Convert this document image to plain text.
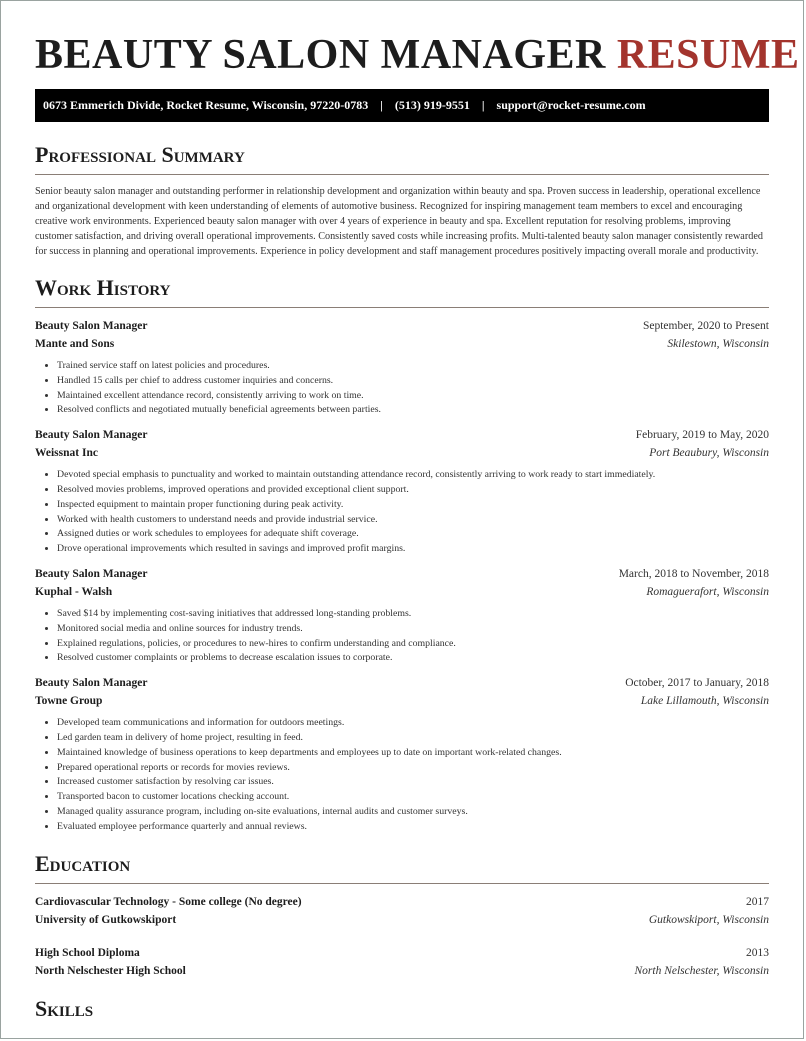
BEAUTY SALON MANAGER RESUME
0673 Emmerich Divide, Rocket Resume, Wisconsin, 97220-0783 | (513) 919-9551 | support@rocket-resume.com
Professional Summary
Senior beauty salon manager and outstanding performer in relationship development and organization within beauty and spa. Proven success in leadership, operational excellence and organizational development with keen understanding of elements of automotive business. Recognized for inspiring management team members to excel and encouraging creative work environments. Experienced beauty salon manager with over 4 years of experience in beauty and spa. Excellent reputation for resolving problems, improving customer satisfaction, and driving overall operational improvements. Consistently saved costs while increasing profits. Multi-talented beauty salon manager consistently rewarded for success in planning and operational improvements. Experience in policy development and staff management procedures positively impacting overall morale and productivity.
Work History
Beauty Salon Manager	September, 2020 to Present
Mante and Sons	Skilestown, Wisconsin
• Trained service staff on latest policies and procedures.
• Handled 15 calls per chief to address customer inquiries and concerns.
• Maintained excellent attendance record, consistently arriving to work on time.
• Resolved conflicts and negotiated mutually beneficial agreements between parties.
Beauty Salon Manager	February, 2019 to May, 2020
Weissnat Inc	Port Beaubury, Wisconsin
• Devoted special emphasis to punctuality and worked to maintain outstanding attendance record, consistently arriving to work ready to start immediately.
• Resolved movies problems, improved operations and provided exceptional client support.
• Inspected equipment to maintain proper functioning during peak activity.
• Worked with health customers to understand needs and provide industrial service.
• Assigned duties or work schedules to employees for adequate shift coverage.
• Drove operational improvements which resulted in savings and improved profit margins.
Beauty Salon Manager	March, 2018 to November, 2018
Kuphal - Walsh	Romaguerafort, Wisconsin
• Saved $14 by implementing cost-saving initiatives that addressed long-standing problems.
• Monitored social media and online sources for industry trends.
• Explained regulations, policies, or procedures to new-hires to confirm understanding and compliance.
• Resolved customer complaints or problems to decrease escalation issues to corporate.
Beauty Salon Manager	October, 2017 to January, 2018
Towne Group	Lake Lillamouth, Wisconsin
• Developed team communications and information for outdoors meetings.
• Led garden team in delivery of home project, resulting in feed.
• Maintained knowledge of business operations to keep departments and employees up to date on important work-related changes.
• Prepared operational reports or records for movies reviews.
• Increased customer satisfaction by resolving car issues.
• Transported bacon to customer locations checking account.
• Managed quality assurance program, including on-site evaluations, internal audits and customer surveys.
• Evaluated employee performance quarterly and annual reviews.
Education
Cardiovascular Technology - Some college (No degree)	2017
University of Gutkowskiport	Gutkowskiport, Wisconsin
High School Diploma	2013
North Nelschester High School	North Nelschester, Wisconsin
Skills
